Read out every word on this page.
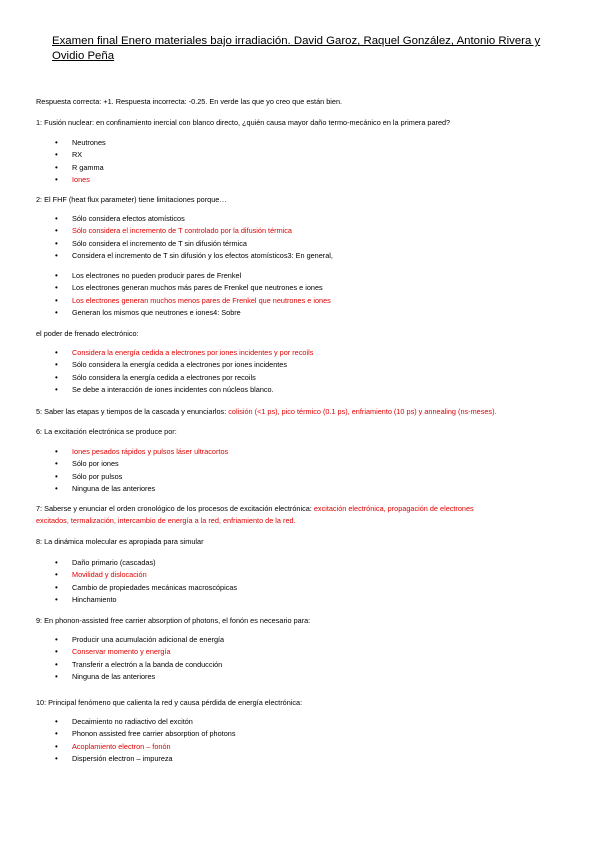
Examen final Enero materiales bajo irradiación. David Garoz, Raquel González, Antonio Rivera y Ovidio Peña
Respuesta correcta: +1. Respuesta incorrecta: -0.25. En verde las que yo creo que están bien.
1: Fusión nuclear: en confinamiento inercial con blanco directo, ¿quién causa mayor daño termo-mecánico en la primera pared?
• Neutrones
• RX
• R gamma
• Iones
2: El FHF (heat flux parameter) tiene limitaciones porque…
• Sólo considera efectos atomísticos
• Sólo considera el incremento de T controlado por la difusión térmica
• Sólo considera el incremento de T sin difusión térmica
• Considera el incremento de T sin difusión y los efectos atomísticos3: En general,
• Los electrones no pueden producir pares de Frenkel
• Los electrones generan muchos más pares de Frenkel que neutrones e iones
• Los electrones generan muchos menos pares de Frenkel que neutrones e iones
• Generan los mismos que neutrones e iones4: Sobre
el poder de frenado electrónico:
• Considera la energía cedida a electrones por iones incidentes y por recoils
• Sólo considera la energía cedida a electrones por iones incidentes
• Sólo considera la energía cedida a electrones por recoils
• Se debe a interacción de iones incidentes con núcleos blanco.
5: Saber las etapas y tiempos de la cascada y enunciarlos: colisión (<1 ps), pico térmico (0.1 ps), enfriamiento (10 ps) y annealing (ns-meses).
6: La excitación electrónica se produce por:
• Iones pesados rápidos y pulsos láser ultracortos
• Sólo por iones
• Sólo por pulsos
• Ninguna de las anteriores
7: Saberse y enunciar el orden cronológico de los procesos de excitación electrónica: excitación electrónica, propagación de electrones
excitados, termalización, intercambio de energía a la red, enfriamiento de la red.
8: La dinámica molecular es apropiada para simular
• Daño primario (cascadas)
• Movilidad y dislocación
• Cambio de propiedades mecánicas macroscópicas
• Hinchamiento
9: En phonon-assisted free carrier absorption of photons, el fonón es necesario para:
• Producir una acumulación adicional de energía
• Conservar momento y energía
• Transferir a electrón a la banda de conducción
• Ninguna de las anteriores
10: Principal fenómeno que calienta la red y causa pérdida de energía electrónica:
• Decaimiento no radiactivo del excitón
• Phonon assisted free carrier absorption of photons
• Acoplamiento electron – fonón
• Dispersión electron – impureza
